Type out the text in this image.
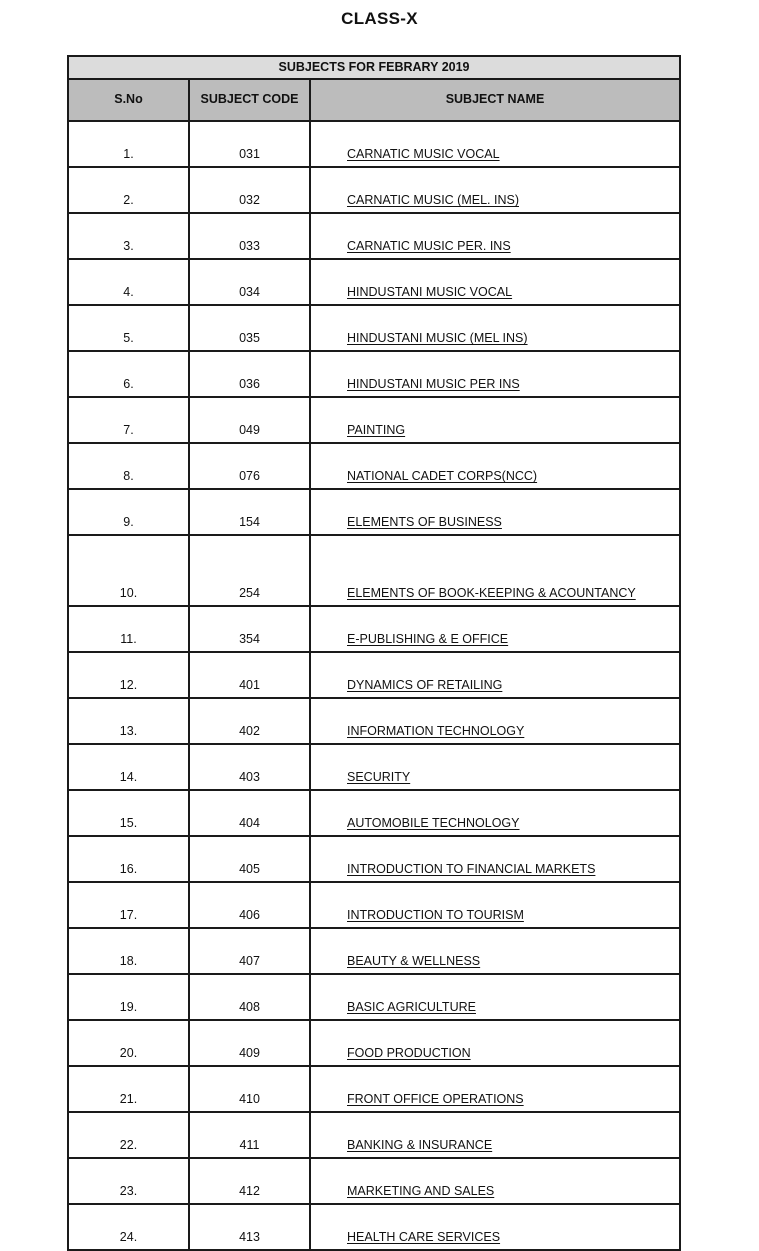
CLASS-X
SUBJECTS FOR FEBRARY 2019		
S.No	SUBJECT CODE	SUBJECT NAME
1.	031	CARNATIC MUSIC VOCAL

2.	032	CARNATIC MUSIC (MEL. INS)

3.	033	CARNATIC MUSIC PER. INS

4.	034	HINDUSTANI MUSIC VOCAL

5.	035	HINDUSTANI MUSIC (MEL INS)

6.	036	HINDUSTANI MUSIC PER INS

7.	049	PAINTING

8.	076	NATIONAL CADET CORPS(NCC)

9.	154	ELEMENTS OF BUSINESS

10.	254	ELEMENTS OF BOOK-KEEPING & ACOUNTANCY

11.	354	E-PUBLISHING & E OFFICE

12.	401	DYNAMICS OF RETAILING

13.	402	INFORMATION TECHNOLOGY

14.	403	SECURITY

15.	404	AUTOMOBILE TECHNOLOGY

16.	405	INTRODUCTION TO FINANCIAL MARKETS

17.	406	INTRODUCTION TO TOURISM

18.	407	BEAUTY & WELLNESS

19.	408	BASIC AGRICULTURE

20.	409	FOOD PRODUCTION

21.	410	FRONT OFFICE OPERATIONS

22.	411	BANKING & INSURANCE

23.	412	MARKETING AND SALES

24.	413	HEALTH CARE SERVICES
